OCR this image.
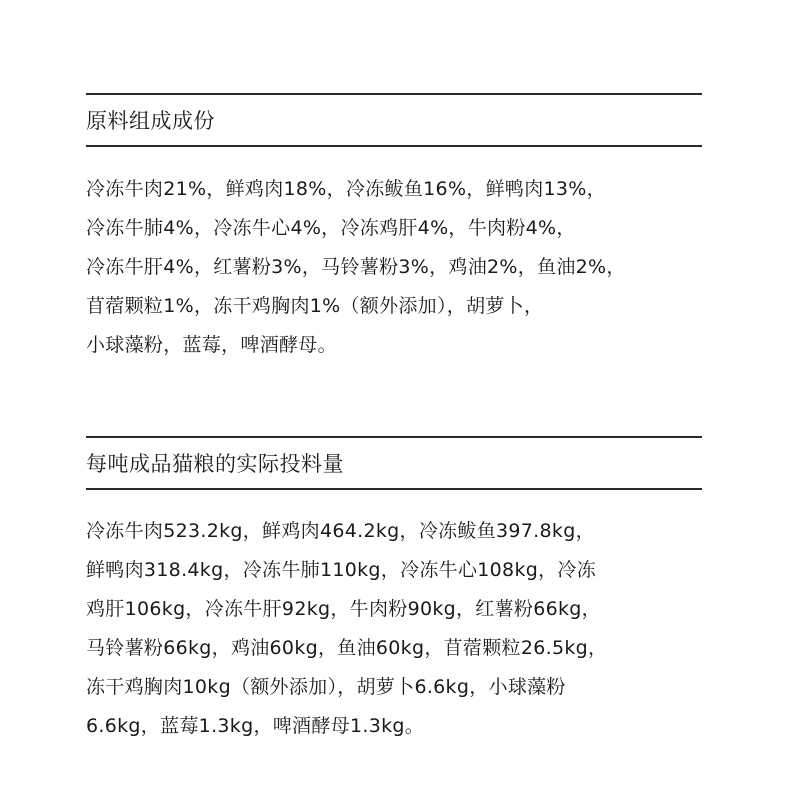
原料组成成份
冷冻牛肉21%，鲜鸡肉18%，冷冻鲅鱼16%，鲜鸭肉13%，
冷冻牛肺4%，冷冻牛心4%，冷冻鸡肝4%，牛肉粉4%，
冷冻牛肝4%，红薯粉3%，马铃薯粉3%，鸡油2%，鱼油2%，
苜蓿颗粒1%，冻干鸡胸肉1%（额外添加），胡萝卜，
小球藻粉，蓝莓，啤酒酵母。
每吨成品猫粮的实际投料量
冷冻牛肉523.2kg，鲜鸡肉464.2kg，冷冻鲅鱼397.8kg，
鲜鸭肉318.4kg，冷冻牛肺110kg，冷冻牛心108kg，冷冻
鸡肝106kg，冷冻牛肝92kg，牛肉粉90kg，红薯粉66kg，
马铃薯粉66kg，鸡油60kg，鱼油60kg，苜蓿颗粒26.5kg，
冻干鸡胸肉10kg（额外添加），胡萝卜6.6kg，小球藻粉
6.6kg，蓝莓1.3kg，啤酒酵母1.3kg。
